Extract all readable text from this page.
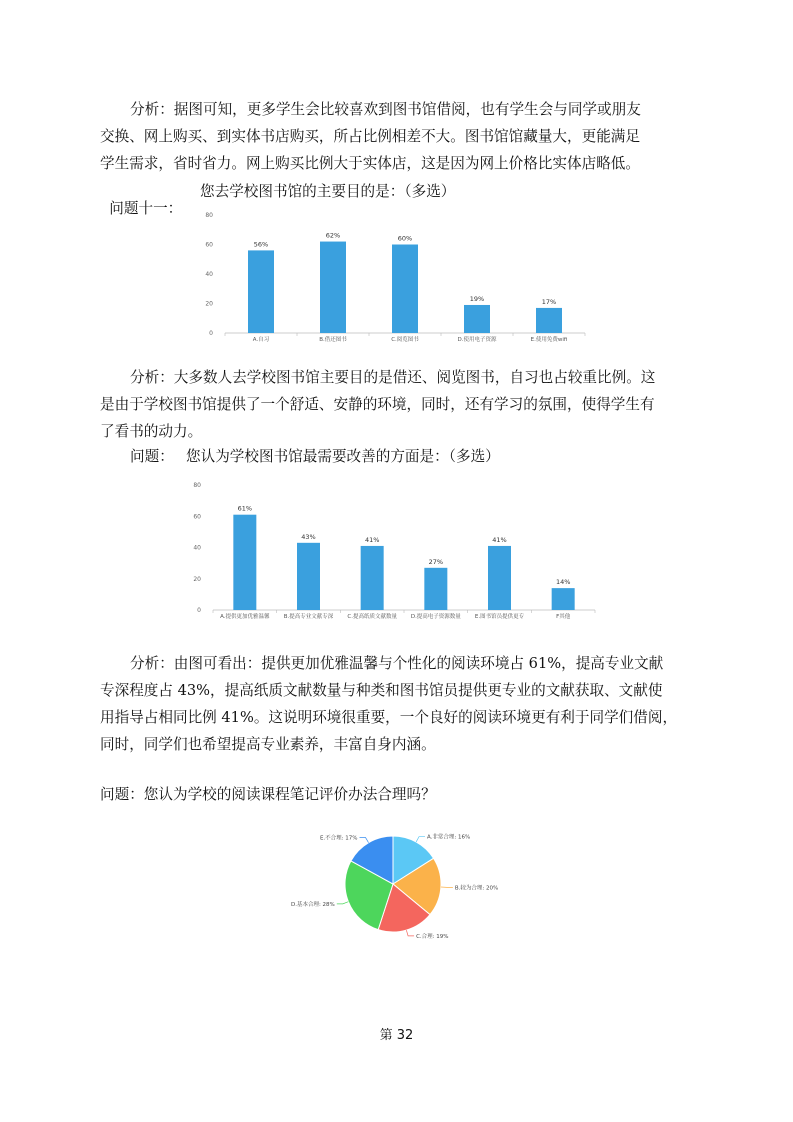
分析：据图可知，更多学生会比较喜欢到图书馆借阅，也有学生会与同学或朋友

交换、网上购买、到实体书店购买，所占比例相差不大。图书馆馆藏量大，更能满足

学生需求，省时省力。网上购买比例大于实体店，这是因为网上价格比实体店略低。

问题十一：

您去学校图书馆的主要目的是：（多选）
0
20
40
60
80
56%
A.自习
62%
B.借还图书
60%
C.阅览图书
19%
D.使用电子资源
17%
E.使用免费wifi

分析：大多数人去学校图书馆主要目的是借还、阅览图书，自习也占较重比例。这

是由于学校图书馆提供了一个舒适、安静的环境，同时，还有学习的氛围，使得学生有

了看书的动力。

问题： 您认为学校图书馆最需要改善的方面是：（多选）
0
20
40
60
80
61%
A.提供更加优雅温馨
43%
B.提高专业文献专深
41%
C.提高纸质文献数量
27%
D.提高电子资源数量
41%
E.图书馆员提供更专
14%
F其他

分析：由图可看出：提供更加优雅温馨与个性化的阅读环境占 61%，提高专业文献

专深程度占 43%，提高纸质文献数量与种类和图书馆员提供更专业的文献获取、文献使

用指导占相同比例 41%。这说明环境很重要，一个良好的阅读环境更有利于同学们借阅，

同时，同学们也希望提高专业素养，丰富自身内涵。

问题：您认为学校的阅读课程笔记评价办法合理吗？
A.非常合理: 16%
B.较为合理: 20%
C.合理: 19%
D.基本合理: 28%
E.不合理: 17%
第 32
